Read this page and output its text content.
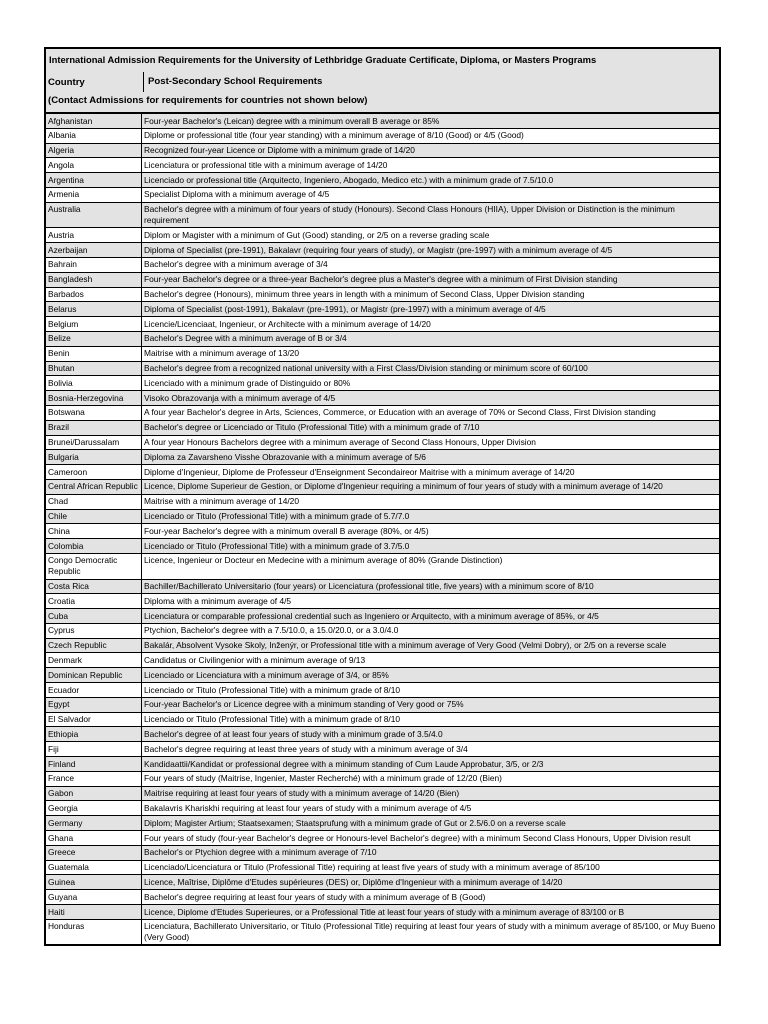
International Admission Requirements for the University of Lethbridge Graduate Certificate, Diploma, or Masters Programs
Country	Post-Secondary School Requirements
(Contact Admissions for requirements for countries not shown below)
Afghanistan	Four-year Bachelor's (Leican) degree with a minimum overall B average or 85%
Albania	Diplome or professional title (four year standing) with a minimum average of 8/10 (Good) or 4/5 (Good)
Algeria	Recognized four-year Licence or Diplome with a minimum grade of 14/20
Angola	Licenciatura or professional title with a minimum average of 14/20
Argentina	Licenciado or professional title (Arquitecto, Ingeniero, Abogado, Medico etc.) with a minimum grade of 7.5/10.0
Armenia	Specialist Diploma with a minimum average of 4/5
Australia	Bachelor's degree with a minimum of four years of study (Honours). Second Class Honours (HIIA), Upper Division or Distinction is the minimum requirement
Austria	Diplom or Magister with a minimum of Gut (Good) standing, or 2/5 on a reverse grading scale
Azerbaijan	Diploma of Specialist (pre-1991), Bakalavr (requiring four years of study), or Magistr (pre-1997) with a minimum average of 4/5
Bahrain	Bachelor's degree with a minimum average of 3/4
Bangladesh	Four-year Bachelor's degree or a three-year Bachelor's degree plus a Master's degree with a minimum of First Division standing
Barbados	Bachelor's degree (Honours), minimum three years in length with a minimum of Second Class, Upper Division standing
Belarus	Diploma of Specialist (post-1991), Bakalavr (pre-1991), or Magistr (pre-1997) with a minimum average of 4/5
Belgium	Licencie/Licenciaat, Ingenieur, or Architecte with a minimum average of 14/20
Belize	Bachelor's Degree with a minimum average of B or 3/4
Benin	Maitrise with a minimum average of 13/20
Bhutan	Bachelor's degree from a recognized national university with a First Class/Division standing or minimum score of 60/100
Bolivia	Licenciado with a minimum grade of Distinguido or 80%
Bosnia-Herzegovina	Visoko Obrazovanja with a minimum average of 4/5
Botswana	A four year Bachelor's degree in Arts, Sciences, Commerce, or Education with an average of 70% or Second Class, First Division standing
Brazil	Bachelor's degree or Licenciado or Titulo (Professional Title) with a minimum grade of 7/10
Brunei/Darussalam	A four year Honours Bachelors degree with a minimum average of Second Class Honours, Upper Division
Bulgaria	Diploma za Zavarsheno Visshe Obrazovanie with a minimum average of 5/6
Cameroon	Diplome d'Ingenieur, Diplome de Professeur d'Enseignment Secondaireor Maitrise with a minimum average of 14/20
Central African Republic	Licence, Diplome Superieur de Gestion, or Diplome d'Ingenieur requiring a minimum of four years of study with a minimum average of 14/20
Chad	Maitrise with a minimum average of 14/20
Chile	Licenciado or Titulo (Professional Title) with a minimum grade of 5.7/7.0
China	Four-year Bachelor's degree with a minimum overall B average (80%, or 4/5)
Colombia	Licenciado or Titulo (Professional Title) with a minimum grade of 3.7/5.0
Congo Democratic Republic	Licence, Ingenieur or Docteur en Medecine with a minimum average of 80% (Grande Distinction)
Costa Rica	Bachiller/Bachillerato Universitario (four years) or Licenciatura (professional title, five years) with a minimum score of 8/10
Croatia	Diploma with a minimum average of 4/5
Cuba	Licenciatura or comparable professional credential such as Ingeniero or Arquitecto, with a minimum average of 85%, or 4/5
Cyprus	Ptychion, Bachelor's degree with a 7.5/10.0, a 15.0/20.0, or a 3.0/4.0
Czech Republic	Bakalár, Absolvent Vysoke Skoly, Inženýr, or Professional title with a minimum average of Very Good (Velmi Dobry), or 2/5 on a reverse scale
Denmark	Candidatus or Civilingenior with a minimum average of 9/13
Dominican Republic	Licenciado or Licenciatura with a minimum average of 3/4, or 85%
Ecuador	Licenciado or Titulo (Professional Title) with a minimum grade of 8/10
Egypt	Four-year Bachelor's or Licence degree with a minimum standing of Very good or 75%
El Salvador	Licenciado or Titulo (Professional Title) with a minimum grade of 8/10
Ethiopia	Bachelor's degree of at least four years of study with a minimum grade of 3.5/4.0
Fiji	Bachelor's degree requiring at least three years of study with a minimum average of 3/4
Finland	Kandidaattii/Kandidat or professional degree with a minimum standing of Cum Laude Approbatur, 3/5, or 2/3
France	Four years of study (Maitrise, Ingenier, Master Recherché) with a minimum grade of 12/20 (Bien)
Gabon	Maitrise requiring at least four years of study with a minimum average of 14/20 (Bien)
Georgia	Bakalavris Khariskhi requiring at least four years of study with a minimum average of 4/5
Germany	Diplom; Magister Artium; Staatsexamen; Staatsprufung with a minimum grade of Gut or 2.5/6.0 on a reverse scale
Ghana	Four years of study (four-year Bachelor's degree or Honours-level Bachelor's degree) with a minimum Second Class Honours, Upper Division result
Greece	Bachelor's or Ptychion degree with a minimum average of 7/10
Guatemala	Licenciado/Licenciatura or Titulo (Professional Title) requiring at least five years of study with a minimum average of 85/100
Guinea	Licence, Maîtrise, Diplôme d'Etudes supérieures (DES) or, Diplôme d'Ingenieur with a minimum average of 14/20
Guyana	Bachelor's degree requiring at least four years of study with a minimum average of B (Good)
Haiti	Licence, Diplome d'Etudes Superieures, or a Professional Title at least four years of study with a minimum average of 83/100 or B
Honduras	Licenciatura, Bachillerato Universitario, or Titulo (Professional Title) requiring at least four years of study with a minimum average of 85/100, or Muy Bueno (Very Good)
